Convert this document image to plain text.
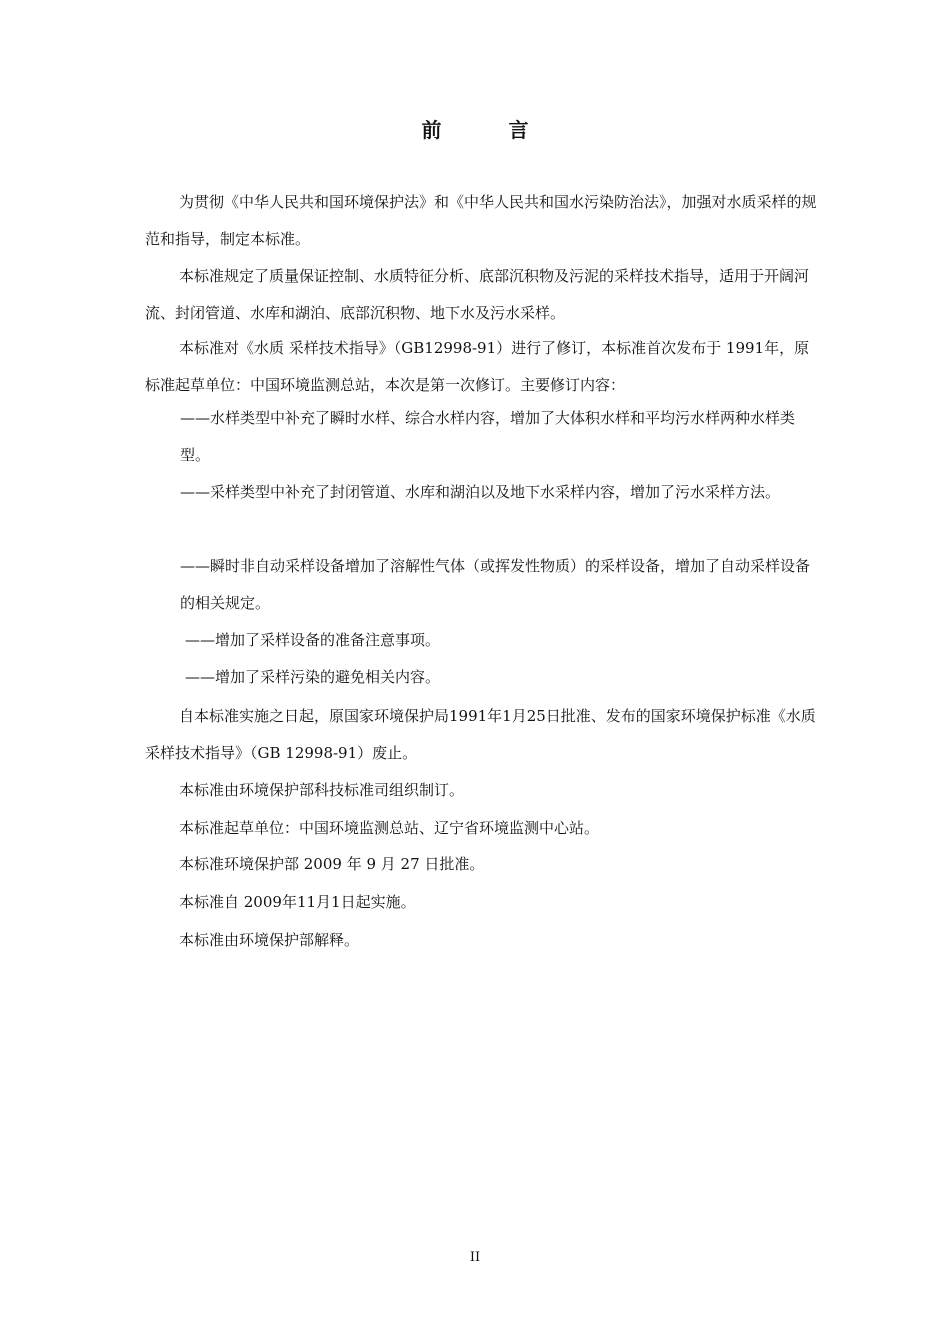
前 言
为贯彻《中华人民共和国环境保护法》和《中华人民共和国水污染防治法》，加强对水质采样的规范和指导，制定本标准。
本标准规定了质量保证控制、水质特征分析、底部沉积物及污泥的采样技术指导，适用于开阔河流、封闭管道、水库和湖泊、底部沉积物、地下水及污水采样。
本标准对《水质 采样技术指导》（GB12998-91）进行了修订，本标准首次发布于 1991年，原标准起草单位：中国环境监测总站，本次是第一次修订。主要修订内容：
——水样类型中补充了瞬时水样、综合水样内容，增加了大体积水样和平均污水样两种水样类型。
——采样类型中补充了封闭管道、水库和湖泊以及地下水采样内容，增加了污水采样方法。
——瞬时非自动采样设备增加了溶解性气体（或挥发性物质）的采样设备，增加了自动采样设备的相关规定。
——增加了采样设备的准备注意事项。
——增加了采样污染的避免相关内容。
自本标准实施之日起，原国家环境保护局1991年1月25日批准、发布的国家环境保护标准《水质 采样技术指导》（GB 12998-91）废止。
本标准由环境保护部科技标准司组织制订。
本标准起草单位：中国环境监测总站、辽宁省环境监测中心站。
本标准环境保护部 2009 年 9 月 27 日批准。
本标准自 2009年11月1日起实施。
本标准由环境保护部解释。
II
